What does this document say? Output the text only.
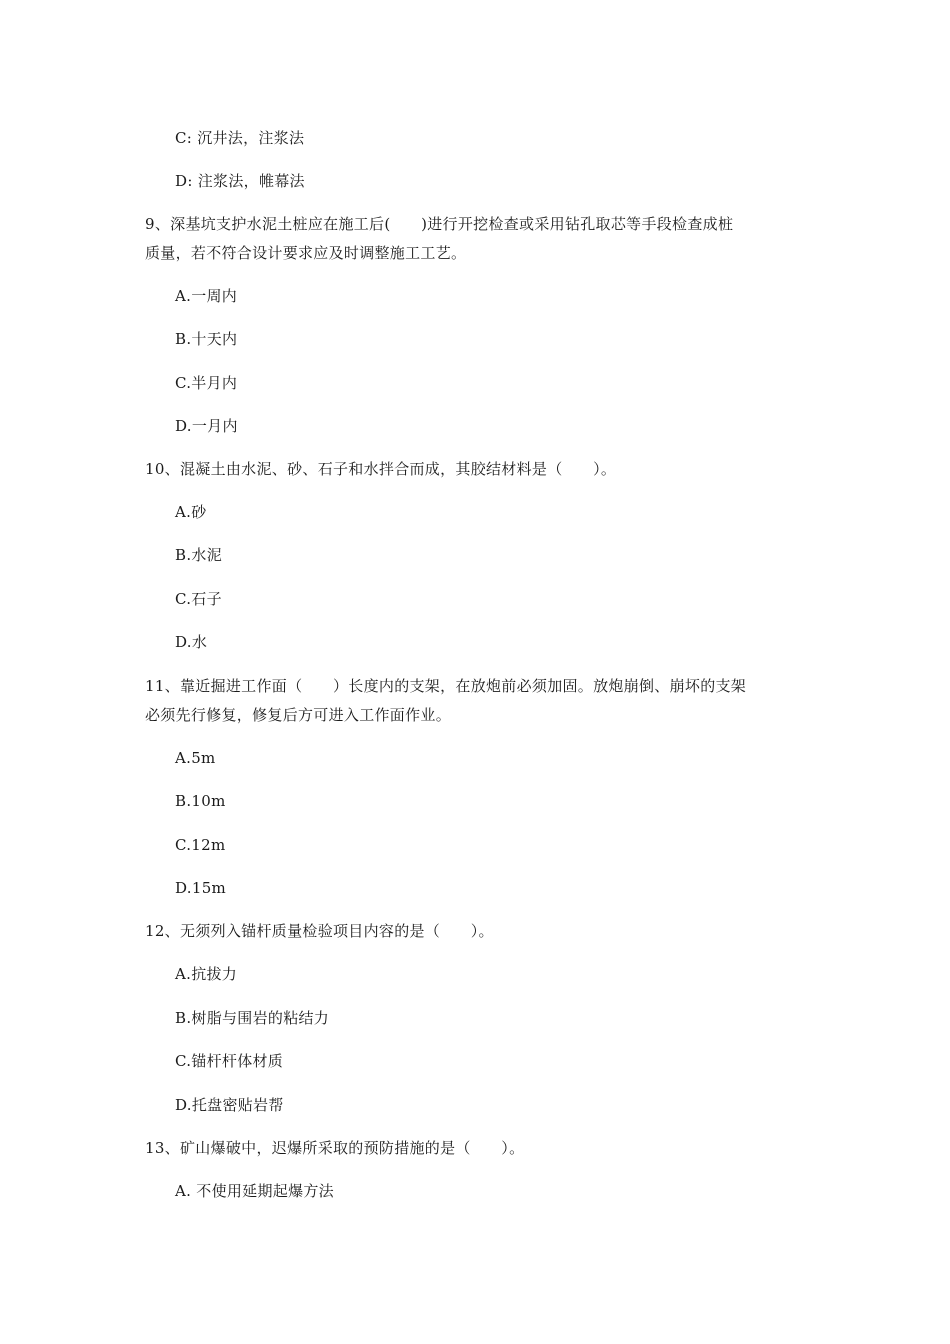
C: 沉井法，注浆法
D: 注浆法，帷幕法
9、深基坑支护水泥土桩应在施工后(　　)进行开挖检查或采用钻孔取芯等手段检查成桩
质量，若不符合设计要求应及时调整施工工艺。
A.一周内
B.十天内
C.半月内
D.一月内
10、混凝土由水泥、砂、石子和水拌合而成，其胶结材料是（　　）。
A.砂
B.水泥
C.石子
D.水
11、靠近掘进工作面（　　）长度内的支架，在放炮前必须加固。放炮崩倒、崩坏的支架
必须先行修复，修复后方可进入工作面作业。
A.5m
B.10m
C.12m
D.15m
12、无须列入锚杆质量检验项目内容的是（　　）。
A.抗拔力
B.树脂与围岩的粘结力
C.锚杆杆体材质
D.托盘密贴岩帮
13、矿山爆破中，迟爆所采取的预防措施的是（　　）。
A. 不使用延期起爆方法
